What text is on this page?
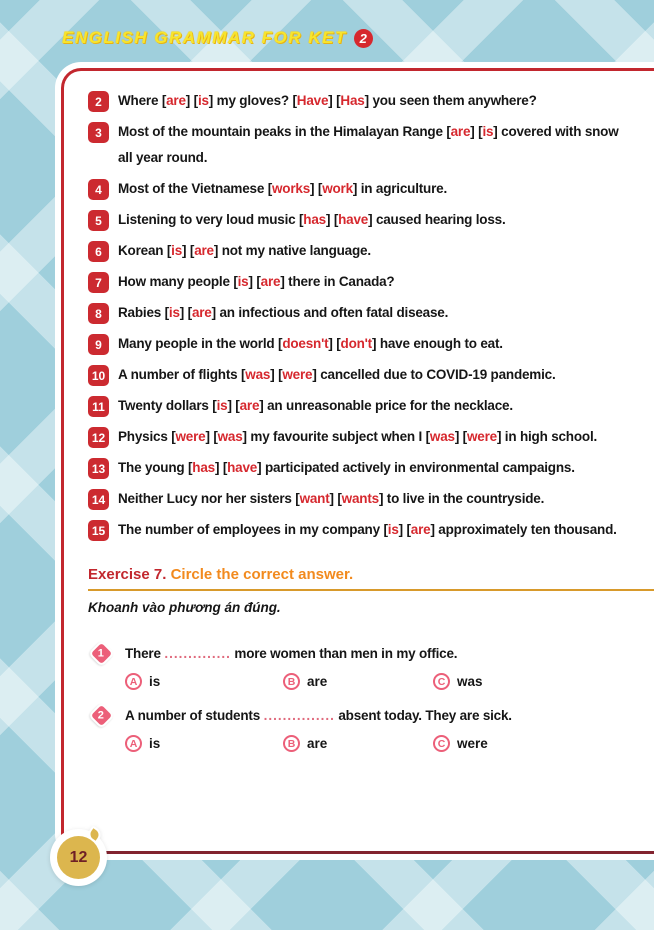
ENGLISH GRAMMAR FOR KET 2
2	Where [are] [is] my gloves? [Have] [Has] you seen them anywhere?
3	Most of the mountain peaks in the Himalayan Range [are] [is] covered with snow all year round.
4	Most of the Vietnamese [works] [work] in agriculture.
5	Listening to very loud music [has] [have] caused hearing loss.
6	Korean [is] [are] not my native language.
7	How many people [is] [are] there in Canada?
8	Rabies [is] [are] an infectious and often fatal disease.
9	Many people in the world [doesn't] [don't] have enough to eat.
10 A number of flights [was] [were] cancelled due to COVID-19 pandemic.
11 Twenty dollars [is] [are] an unreasonable price for the necklace.
12 Physics [were] [was] my favourite subject when I [was] [were] in high school.
13 The young [has] [have] participated actively in environmental campaigns.
14 Neither Lucy nor her sisters [want] [wants] to live in the countryside.
15 The number of employees in my company [is] [are] approximately ten thousand.
Exercise 7. Circle the correct answer.
Khoanh vào phương án đúng.
1 There .............. more women than men in my office.
A is	B are	C was
2 A number of students ............... absent today. They are sick.
A is	B are	C were
12
